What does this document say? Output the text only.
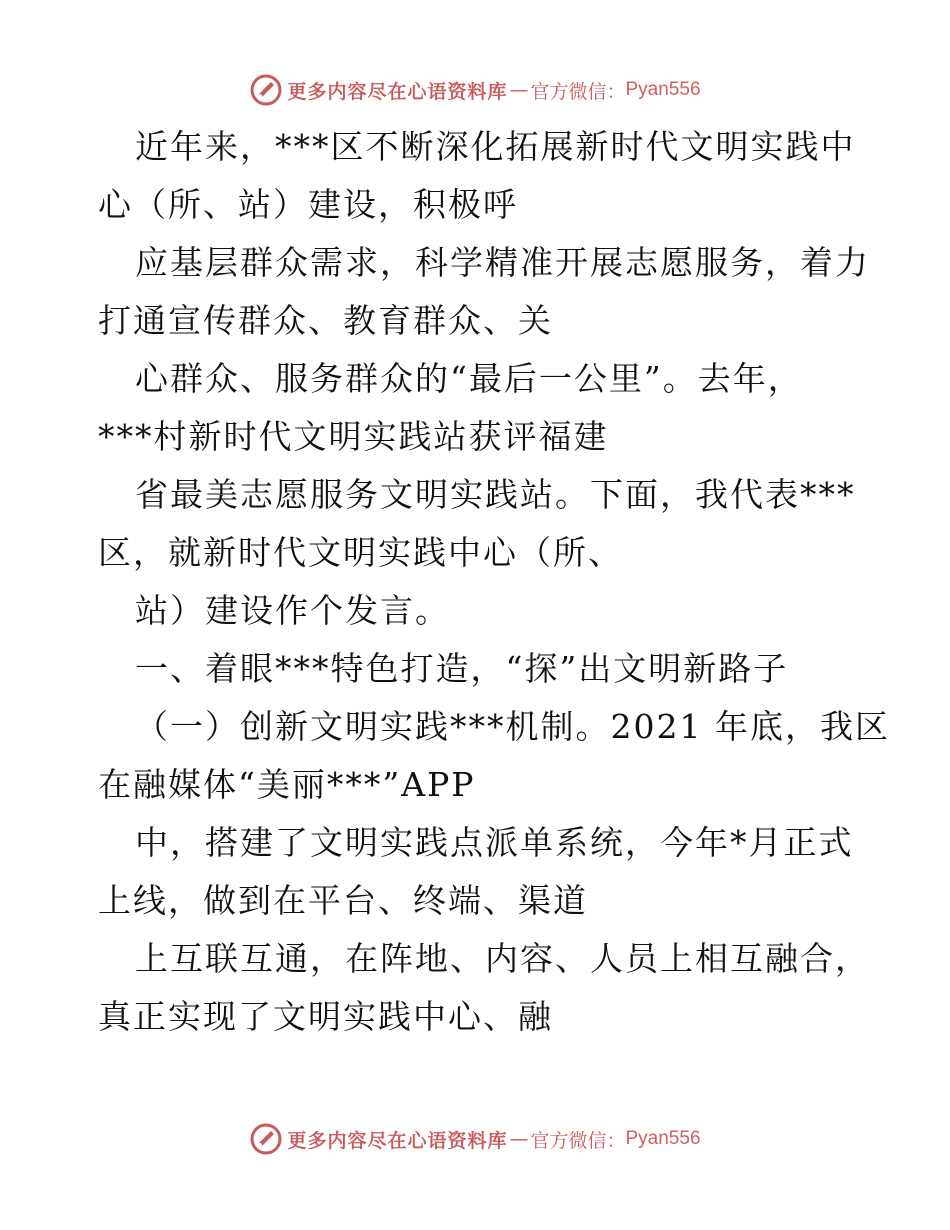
更多内容尽在心语资料库 — 官方微信： Pyan556
近年来，***区不断深化拓展新时代文明实践中
心（所、站）建设，积极呼
应基层群众需求，科学精准开展志愿服务，着力
打通宣传群众、教育群众、关
心群众、服务群众的“最后一公里”。去年，
***村新时代文明实践站获评福建
省最美志愿服务文明实践站。下面，我代表***
区，就新时代文明实践中心（所、
站）建设作个发言。
一、着眼***特色打造，“探”出文明新路子
（一）创新文明实践***机制。2021 年底，我区
在融媒体“美丽***”APP
中，搭建了文明实践点派单系统，今年*月正式
上线，做到在平台、终端、渠道
上互联互通，在阵地、内容、人员上相互融合，
真正实现了文明实践中心、融
更多内容尽在心语资料库 — 官方微信： Pyan556
